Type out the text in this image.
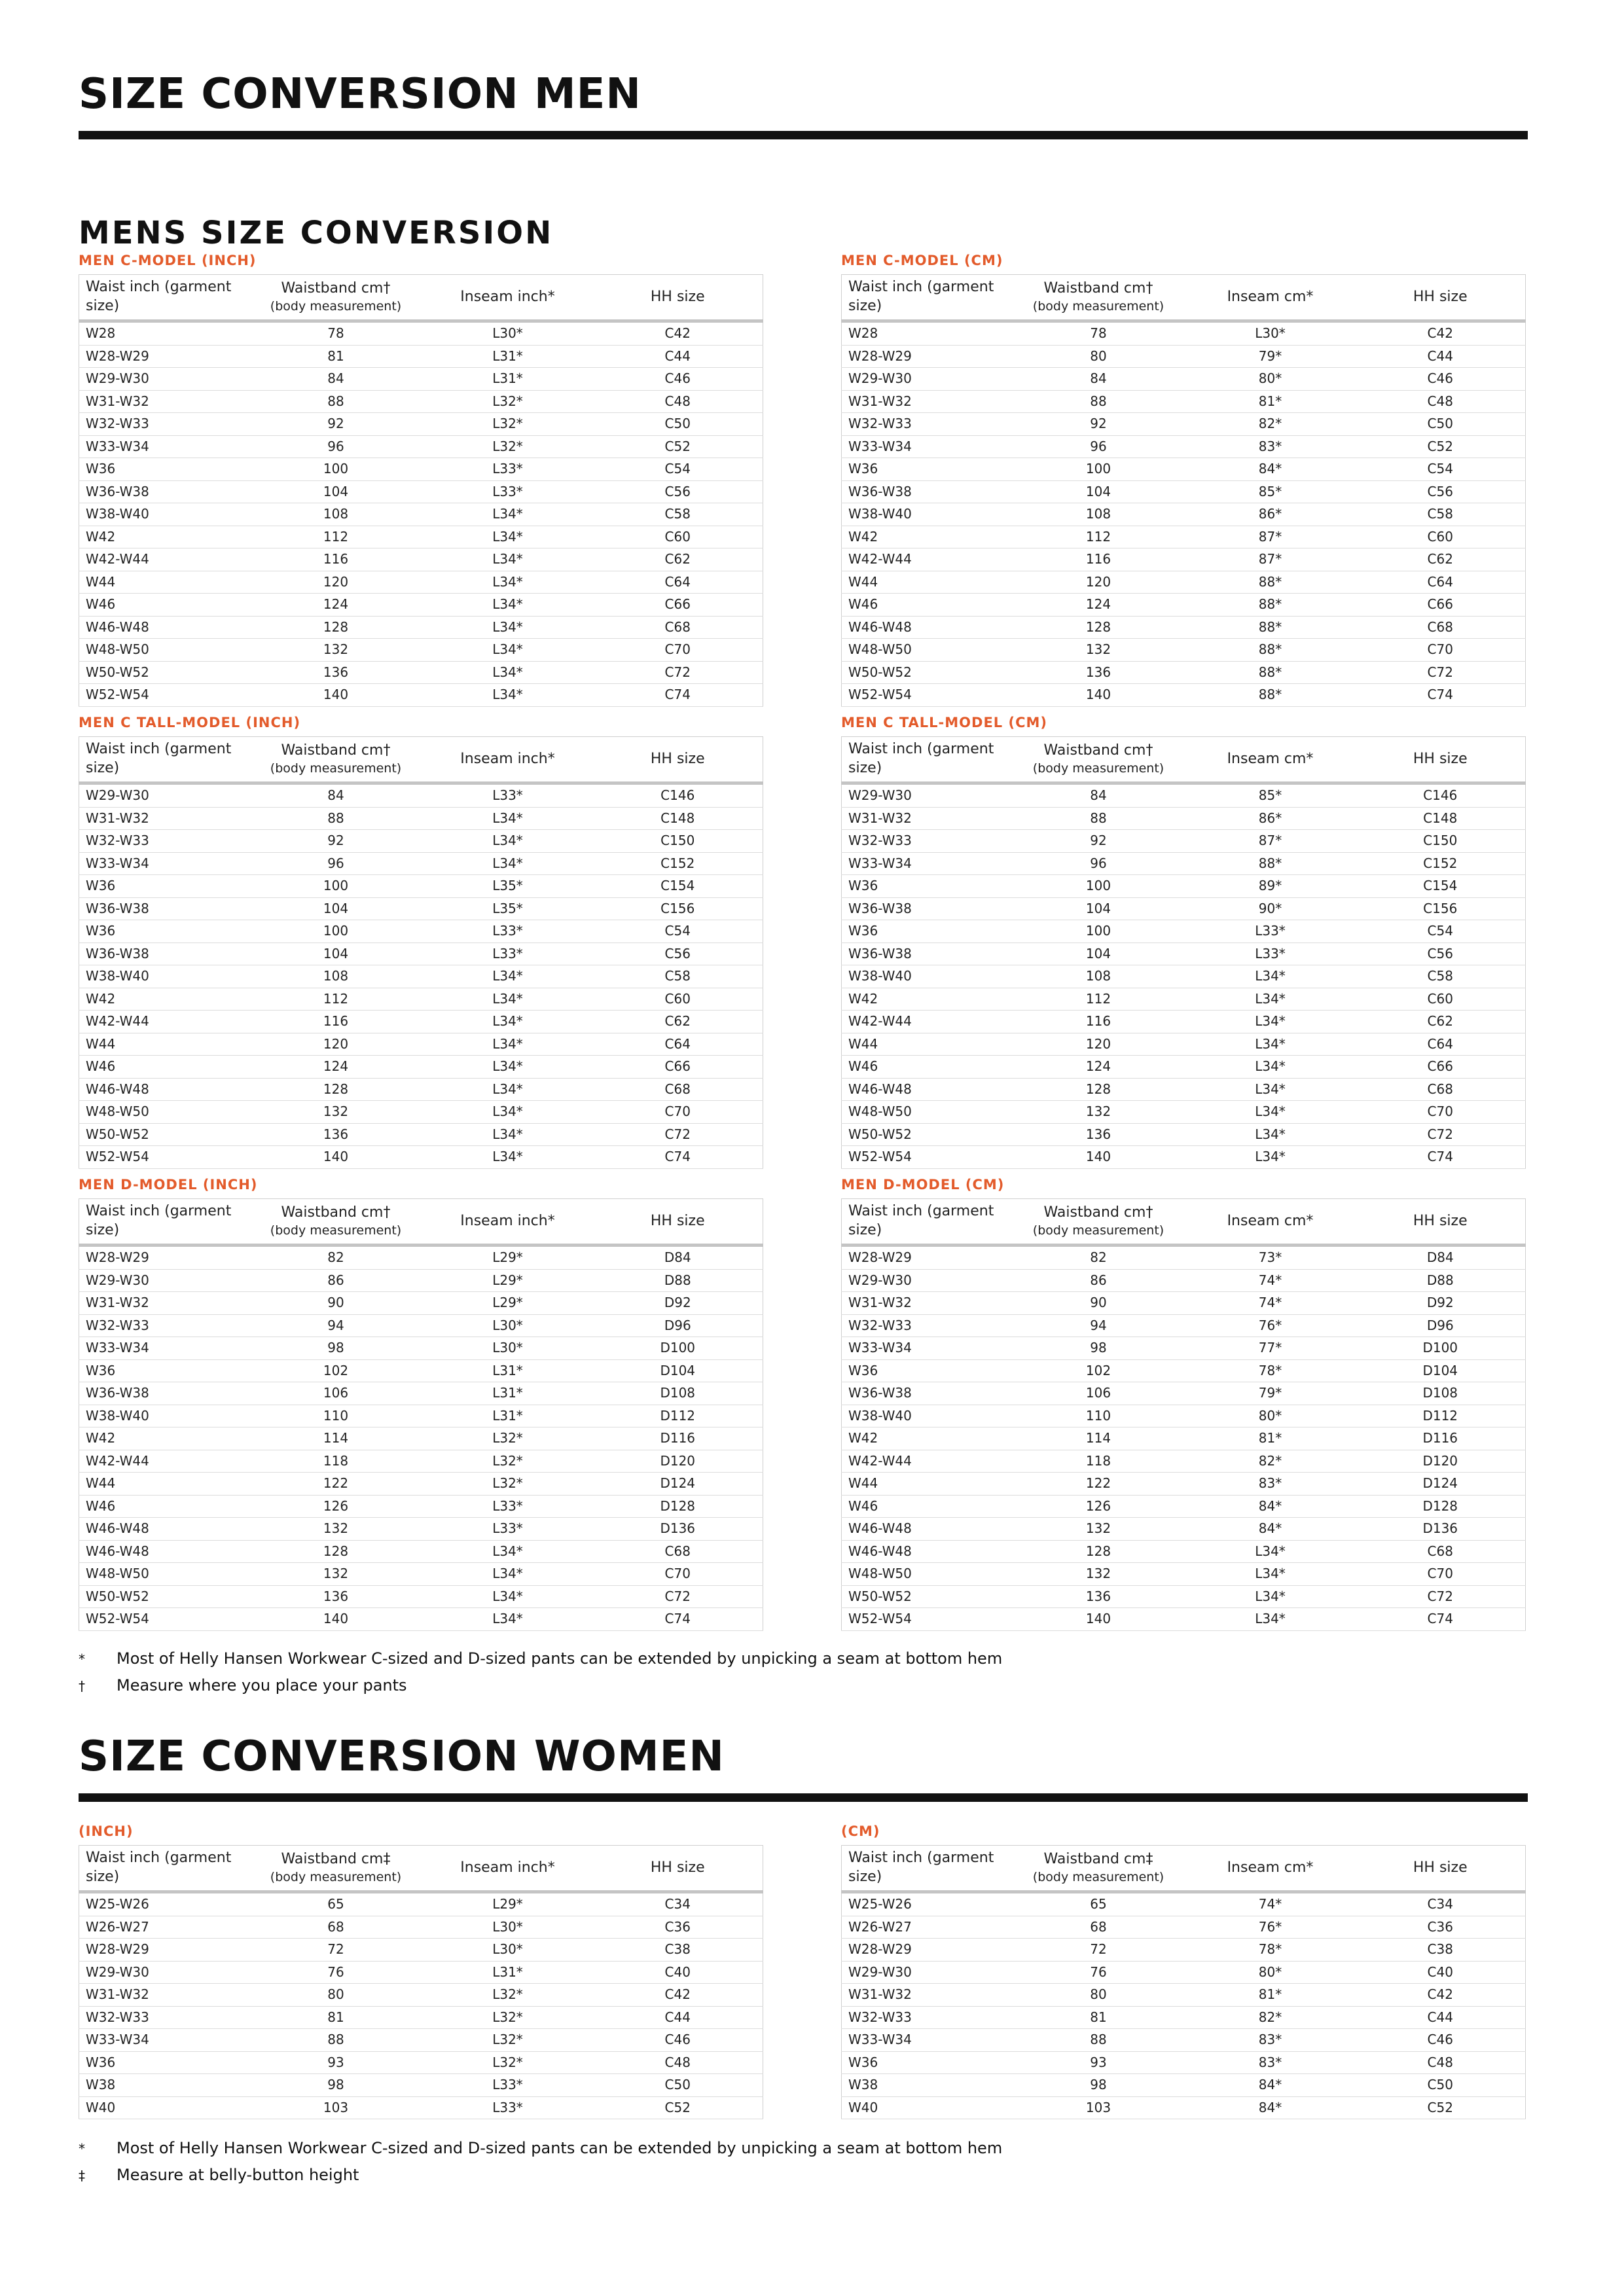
SIZE CONVERSION MEN
MENS SIZE CONVERSION
MEN C-MODEL (INCH)
Waist inch (garment size)	Waistband cm†
(body measurement)	Inseam inch*	HH size

W28	78	L30*	C42
W28-W29	81	L31*	C44
W29-W30	84	L31*	C46
W31-W32	88	L32*	C48
W32-W33	92	L32*	C50
W33-W34	96	L32*	C52
W36	100	L33*	C54
W36-W38	104	L33*	C56
W38-W40	108	L34*	C58
W42	112	L34*	C60
W42-W44	116	L34*	C62
W44	120	L34*	C64
W46	124	L34*	C66
W46-W48	128	L34*	C68
W48-W50	132	L34*	C70
W50-W52	136	L34*	C72
W52-W54	140	L34*	C74
MEN C-MODEL (CM)
Waist inch (garment size)	Waistband cm†
(body measurement)	Inseam cm*	HH size

W28	78	L30*	C42
W28-W29	80	79*	C44
W29-W30	84	80*	C46
W31-W32	88	81*	C48
W32-W33	92	82*	C50
W33-W34	96	83*	C52
W36	100	84*	C54
W36-W38	104	85*	C56
W38-W40	108	86*	C58
W42	112	87*	C60
W42-W44	116	87*	C62
W44	120	88*	C64
W46	124	88*	C66
W46-W48	128	88*	C68
W48-W50	132	88*	C70
W50-W52	136	88*	C72
W52-W54	140	88*	C74
MEN C TALL-MODEL (INCH)
Waist inch (garment size)	Waistband cm†
(body measurement)	Inseam inch*	HH size

W29-W30	84	L33*	C146
W31-W32	88	L34*	C148
W32-W33	92	L34*	C150
W33-W34	96	L34*	C152
W36	100	L35*	C154
W36-W38	104	L35*	C156
W36	100	L33*	C54
W36-W38	104	L33*	C56
W38-W40	108	L34*	C58
W42	112	L34*	C60
W42-W44	116	L34*	C62
W44	120	L34*	C64
W46	124	L34*	C66
W46-W48	128	L34*	C68
W48-W50	132	L34*	C70
W50-W52	136	L34*	C72
W52-W54	140	L34*	C74
MEN C TALL-MODEL (CM)
Waist inch (garment size)	Waistband cm†
(body measurement)	Inseam cm*	HH size

W29-W30	84	85*	C146
W31-W32	88	86*	C148
W32-W33	92	87*	C150
W33-W34	96	88*	C152
W36	100	89*	C154
W36-W38	104	90*	C156
W36	100	L33*	C54
W36-W38	104	L33*	C56
W38-W40	108	L34*	C58
W42	112	L34*	C60
W42-W44	116	L34*	C62
W44	120	L34*	C64
W46	124	L34*	C66
W46-W48	128	L34*	C68
W48-W50	132	L34*	C70
W50-W52	136	L34*	C72
W52-W54	140	L34*	C74
MEN D-MODEL (INCH)
Waist inch (garment size)	Waistband cm†
(body measurement)	Inseam inch*	HH size

W28-W29	82	L29*	D84
W29-W30	86	L29*	D88
W31-W32	90	L29*	D92
W32-W33	94	L30*	D96
W33-W34	98	L30*	D100
W36	102	L31*	D104
W36-W38	106	L31*	D108
W38-W40	110	L31*	D112
W42	114	L32*	D116
W42-W44	118	L32*	D120
W44	122	L32*	D124
W46	126	L33*	D128
W46-W48	132	L33*	D136
W46-W48	128	L34*	C68
W48-W50	132	L34*	C70
W50-W52	136	L34*	C72
W52-W54	140	L34*	C74
MEN D-MODEL (CM)
Waist inch (garment size)	Waistband cm†
(body measurement)	Inseam cm*	HH size

W28-W29	82	73*	D84
W29-W30	86	74*	D88
W31-W32	90	74*	D92
W32-W33	94	76*	D96
W33-W34	98	77*	D100
W36	102	78*	D104
W36-W38	106	79*	D108
W38-W40	110	80*	D112
W42	114	81*	D116
W42-W44	118	82*	D120
W44	122	83*	D124
W46	126	84*	D128
W46-W48	132	84*	D136
W46-W48	128	L34*	C68
W48-W50	132	L34*	C70
W50-W52	136	L34*	C72
W52-W54	140	L34*	C74
* Most of Helly Hansen Workwear C-sized and D-sized pants can be extended by unpicking a seam at bottom hem
† Measure where you place your pants
SIZE CONVERSION WOMEN
(INCH)
Waist inch (garment size)	Waistband cm‡
(body measurement)	Inseam inch*	HH size

W25-W26	65	L29*	C34
W26-W27	68	L30*	C36
W28-W29	72	L30*	C38
W29-W30	76	L31*	C40
W31-W32	80	L32*	C42
W32-W33	81	L32*	C44
W33-W34	88	L32*	C46
W36	93	L32*	C48
W38	98	L33*	C50
W40	103	L33*	C52
(CM)
Waist inch (garment size)	Waistband cm‡
(body measurement)	Inseam cm*	HH size

W25-W26	65	74*	C34
W26-W27	68	76*	C36
W28-W29	72	78*	C38
W29-W30	76	80*	C40
W31-W32	80	81*	C42
W32-W33	81	82*	C44
W33-W34	88	83*	C46
W36	93	83*	C48
W38	98	84*	C50
W40	103	84*	C52
* Most of Helly Hansen Workwear C-sized and D-sized pants can be extended by unpicking a seam at bottom hem
‡ Measure at belly-button height
